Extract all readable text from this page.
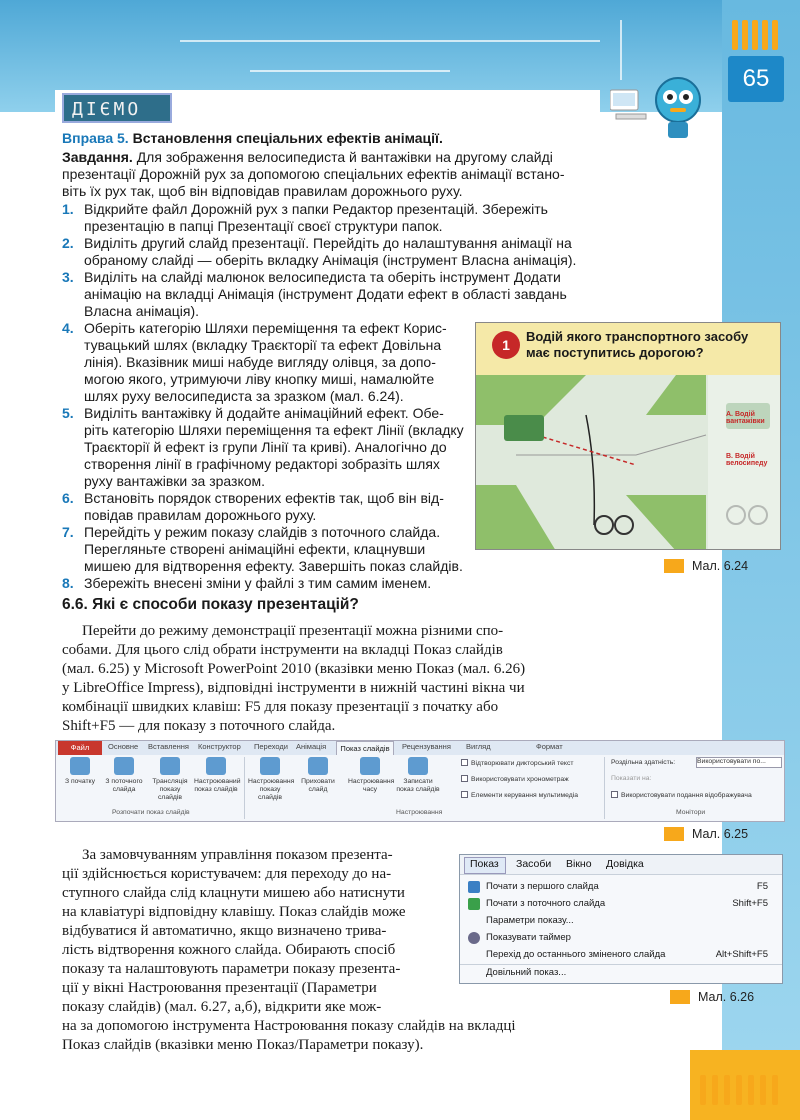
65
ДІЄМО
Вправа 5. Встановлення спеціальних ефектів анімації.
Завдання. Для зображення велосипедиста й вантажівки на другому слайді
презентації Дорожній рух за допомогою спеціальних ефектів анімації встано-
віть їх рух так, щоб він відповідав правилам дорожнього руху.
1. Відкрийте файл Дорожній рух з папки Редактор презентацій. Збережіть
презентацію в папці Презентації своєї структури папок.
2. Виділіть другий слайд презентації. Перейдіть до налаштування анімації на
обраному слайді — оберіть вкладку Анімація (інструмент Власна анімація).
3. Виділіть на слайді малюнок велосипедиста та оберіть інструмент Додати
анімацію на вкладці Анімація (інструмент Додати ефект в області завдань
Власна анімація).
4. Оберіть категорію Шляхи переміщення та ефект Корис-
тувацький шлях (вкладку Траєкторії та ефект Довільна
лінія). Вказівник миші набуде вигляду олівця, за допо-
могою якого, утримуючи ліву кнопку миші, намалюйте
шлях руху велосипедиста за зразком (мал. 6.24).
5. Виділіть вантажівку й додайте анімаційний ефект. Обе-
ріть категорію Шляхи переміщення та ефект Лінії (вкладку
Траєкторії й ефект із групи Лінії та криві). Аналогічно до
створення лінії в графічному редакторі зобразіть шлях
руху вантажівки за зразком.
6. Встановіть порядок створених ефектів так, щоб він від-
повідав правилам дорожнього руху.
7. Перейдіть у режим показу слайдів з поточного слайда.
Перегляньте створені анімаційні ефекти, клацнувши
мишею для відтворення ефекту. Завершіть показ слайдів.
8. Збережіть внесені зміни у файлі з тим самим іменем.
1
Водій якого транспортного засобу має поступитись дорогою?
А. Водій вантажівки
В. Водій велосипеду
Мал. 6.24
6.6. Які є способи показу презентацій?
Перейти до режиму демонстрації презентації можна різними спо-
собами. Для цього слід обрати інструменти на вкладці Показ слайдів
(мал. 6.25) у Microsoft PowerPoint 2010 (вказівки меню Показ (мал. 6.26)
у LibreOffice Impress), відповідні інструменти в нижній частині вікна чи
комбінації швидких клавіш: F5 для показу презентації з початку або
Shift+F5 — для показу з поточного слайда.
Файл	Основне Вставлення Конструктор Переходи Анімація	Показ слайдів	Рецензування Вигляд	Формат
З початку	З поточного слайда
Трансляція показу слайдів
Настроюваний показ слайдів
Настроювання показу слайдів
Приховати слайд
Настроювання часу
Записати показ слайдів
Відтворювати дикторський текст
Використовувати хронометраж
Елементи керування мультимедіа
Роздільна здатність:	Використовувати по...
Показати на:
Використовувати подання відображувача
Розпочати показ слайдів	Настроювання	Монітори
Мал. 6.25
За замовчуванням управління показом презента-
ції здійснюється користувачем: для переходу до на-
ступного слайда слід клацнути мишею або натиснути
на клавіатурі відповідну клавішу. Показ слайдів може
відбуватися й автоматично, якщо визначено трива-
лість відтворення кожного слайда. Обирають спосіб
показу та налаштовують параметри показу презента-
ції у вікні Настроювання презентації (Параметри
показу слайдів) (мал. 6.27, а,б), відкрити яке мож-
на за допомогою інструмента Настроювання показу слайдів на вкладці
Показ слайдів (вказівки меню Показ/Параметри показу).
Показ Засоби Вікно Довідка
Почати з першого слайда	F5
Почати з поточного слайда	Shift+F5
Параметри показу...
Показувати таймер
Перехід до останнього зміненого слайда	Alt+Shift+F5
Довільний показ...
Мал. 6.26
